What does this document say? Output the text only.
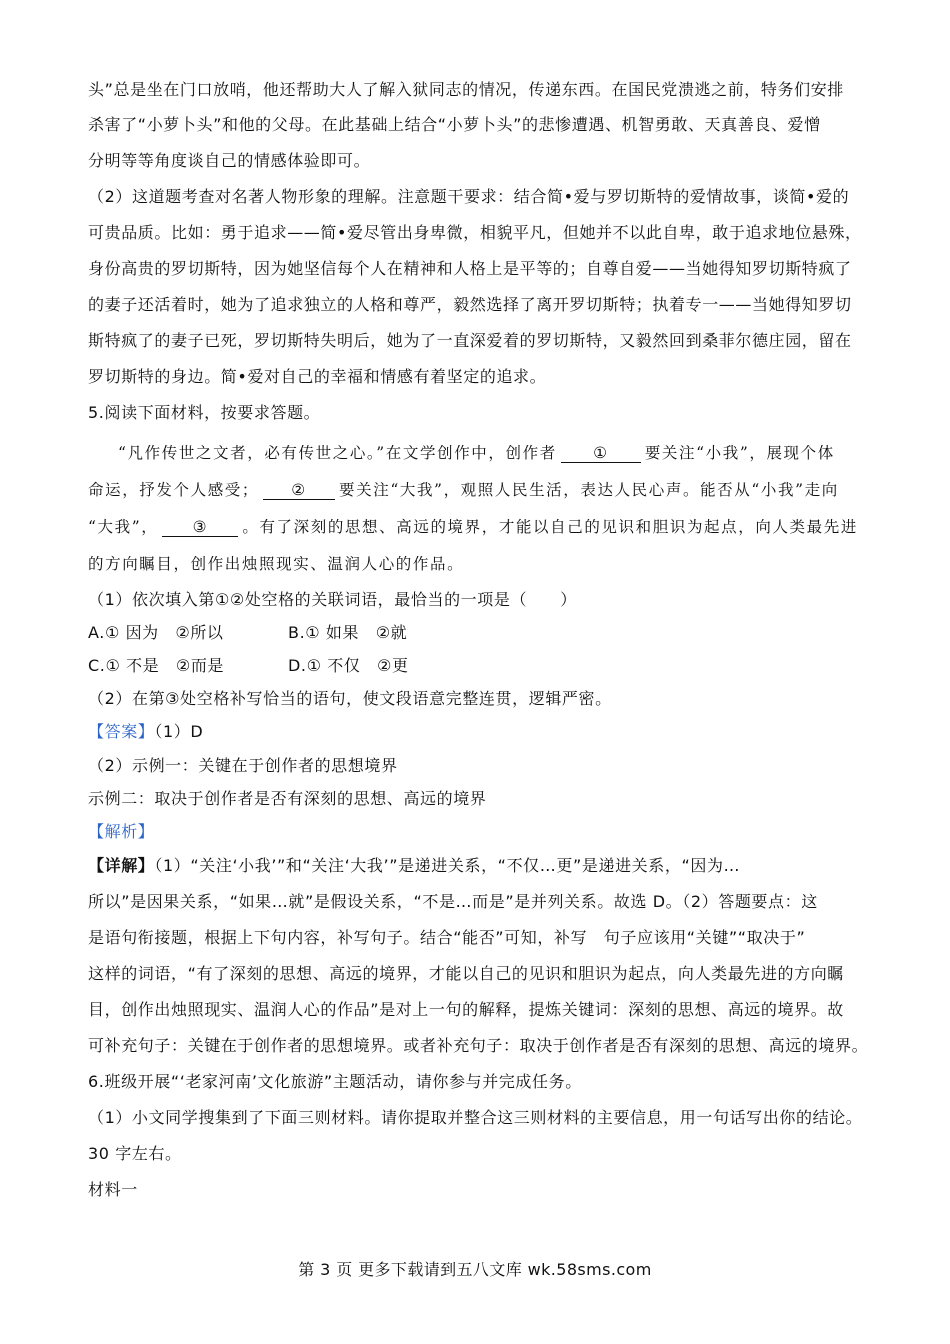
头”总是坐在门口放哨，他还帮助大人了解入狱同志的情况，传递东西。在国民党溃逃之前，特务们安排
杀害了“小萝卜头”和他的父母。在此基础上结合“小萝卜头”的悲惨遭遇、机智勇敢、天真善良、爱憎
分明等等角度谈自己的情感体验即可。
（2）这道题考查对名著人物形象的理解。注意题干要求：结合简•爱与罗切斯特的爱情故事，谈简•爱的
可贵品质。比如：勇于追求——简•爱尽管出身卑微，相貌平凡，但她并不以此自卑，敢于追求地位悬殊，
身份高贵的罗切斯特，因为她坚信每个人在精神和人格上是平等的；自尊自爱——当她得知罗切斯特疯了
的妻子还活着时，她为了追求独立的人格和尊严，毅然选择了离开罗切斯特；执着专一——当她得知罗切
斯特疯了的妻子已死，罗切斯特失明后，她为了一直深爱着的罗切斯特，又毅然回到桑菲尔德庄园，留在
罗切斯特的身边。简•爱对自己的幸福和情感有着坚定的追求。
5.阅读下面材料，按要求答题。
“凡作传世之文者，必有传世之心。”在文学创作中，创作者 ① 要关注“小我”，展现个体
命运，抒发个人感受； ② 要关注“大我”，观照人民生活，表达人民心声。能否从“小我”走向
“大我”， ③ 。有了深刻的思想、高远的境界，才能以自己的见识和胆识为起点，向人类最先进
的方向瞩目，创作出烛照现实、温润人心的作品。
（1）依次填入第①②处空格的关联词语，最恰当的一项是（　　）
A.① 因为　②所以	B.① 如果　②就
C.① 不是　②而是	D.① 不仅　②更
（2）在第③处空格补写恰当的语句，使文段语意完整连贯，逻辑严密。
【答案】（1）D
（2）示例一：关键在于创作者的思想境界
示例二：取决于创作者是否有深刻的思想、高远的境界
【解析】
【详解】（1）“关注‘小我’”和“关注‘大我’”是递进关系，“不仅…更”是递进关系，“因为…
所以”是因果关系，“如果…就”是假设关系，“不是…而是”是并列关系。故选 D。（2）答题要点：这
是语句衔接题，根据上下句内容，补写句子。结合“能否”可知，补写　句子应该用“关键”“取决于”
这样的词语，“有了深刻的思想、高远的境界，才能以自己的见识和胆识为起点，向人类最先进的方向瞩
目，创作出烛照现实、温润人心的作品”是对上一句的解释，提炼关键词：深刻的思想、高远的境界。故
可补充句子：关键在于创作者的思想境界。或者补充句子：取决于创作者是否有深刻的思想、高远的境界。
6.班级开展“‘老家河南’文化旅游”主题活动，请你参与并完成任务。
（1）小文同学搜集到了下面三则材料。请你提取并整合这三则材料的主要信息，用一句话写出你的结论。
30 字左右。
材料一
第 3 页 更多下载请到五八文库 wk.58sms.com
